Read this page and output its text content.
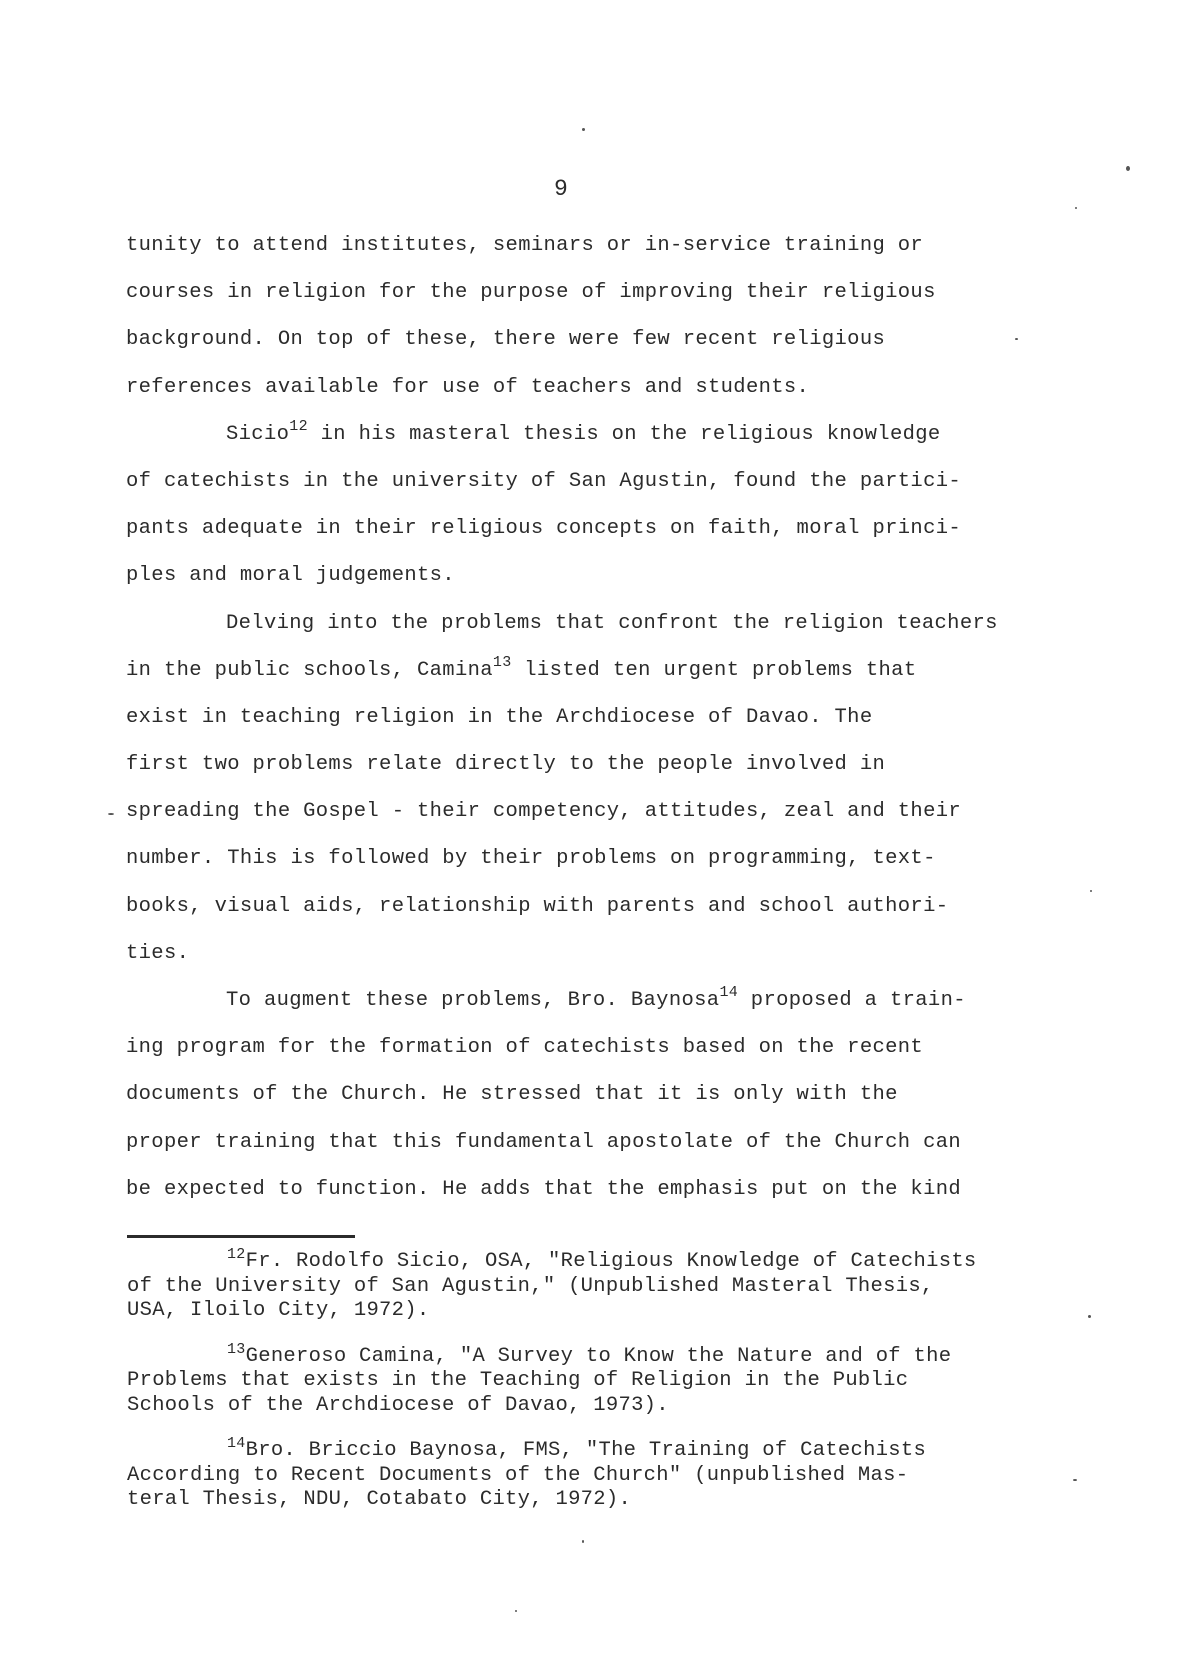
9
tunity to attend institutes, seminars or in-service training or
courses in religion for the purpose of improving their religious
background. On top of these, there were few recent religious
references available for use of teachers and students.
Sicio$^{12}$ in his masteral thesis on the religious knowledge
of catechists in the university of San Agustin, found the partici-
pants adequate in their religious concepts on faith, moral princi-
ples and moral judgements.
Delving into the problems that confront the religion teachers
in the public schools, Camina$^{13}$ listed ten urgent problems that
exist in teaching religion in the Archdiocese of Davao. The
first two problems relate directly to the people involved in
spreading the Gospel - their competency, attitudes, zeal and their
number. This is followed by their problems on programming, text-
books, visual aids, relationship with parents and school authori-
ties.
To augment these problems, Bro. Baynosa$^{14}$ proposed a train-
ing program for the formation of catechists based on the recent
documents of the Church. He stressed that it is only with the
proper training that this fundamental apostolate of the Church can
be expected to function. He adds that the emphasis put on the kind
$^{12}$Fr. Rodolfo Sicio, OSA, "Religious Knowledge of Catechists
of the University of San Agustin," (Unpublished Masteral Thesis,
USA, Iloilo City, 1972).
$^{13}$Generoso Camina, "A Survey to Know the Nature and of the
Problems that exists in the Teaching of Religion in the Public
Schools of the Archdiocese of Davao, 1973).
$^{14}$Bro. Briccio Baynosa, FMS, "The Training of Catechists
According to Recent Documents of the Church" (unpublished Mas-
teral Thesis, NDU, Cotabato City, 1972).
